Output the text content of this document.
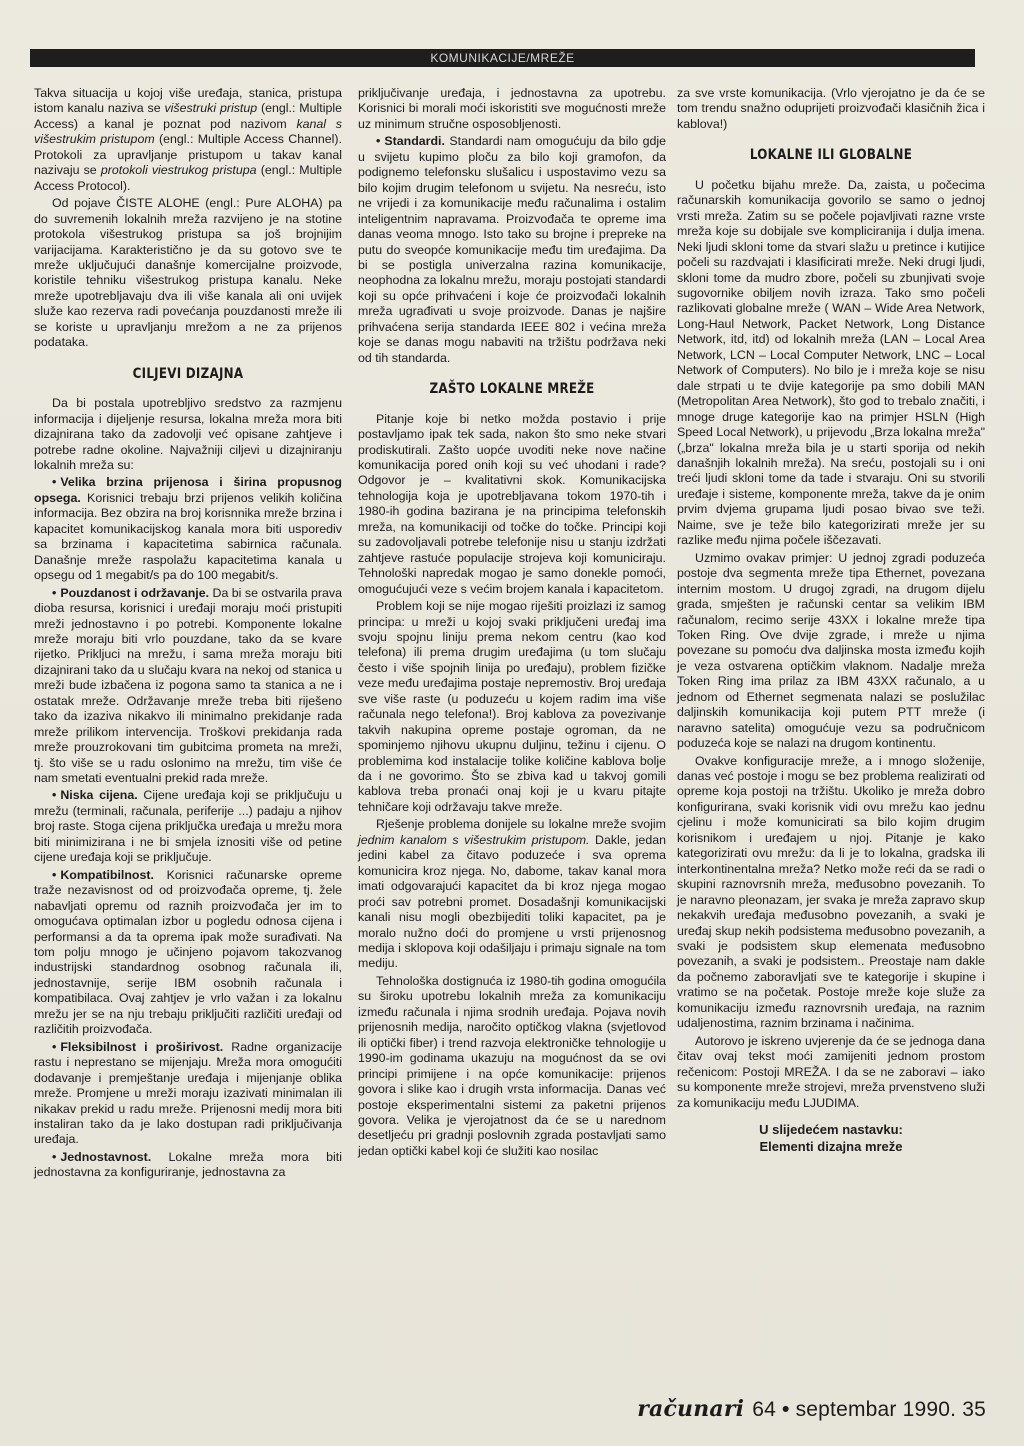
KOMUNIKACIJE/MREŽE

Takva situacija u kojoj više uređaja, stanica, pristupa istom kanalu naziva se višestruki pristup (engl.: Multiple Access) a kanal je poznat pod nazivom kanal s višestrukim pristupom (engl.: Multiple Access Channel). Protokoli za upravljanje pristupom u takav kanal nazivaju se protokoli viestrukog pristupa (engl.: Multiple Access Protocol).

Od pojave ČISTE ALOHE (engl.: Pure ALOHA) pa do suvremenih lokalnih mreža razvijeno je na stotine protokola višestrukog pristupa sa još brojnijim varijacijama. Karakteristično je da su gotovo sve te mreže uključujući današnje komercijalne proizvode, koristile tehniku višestrukog pristupa kanalu. Neke mreže upotrebljavaju dva ili više kanala ali oni uvijek služe kao rezerva radi povećanja pouzdanosti mreže ili se koriste u upravljanju mrežom a ne za prijenos podataka.

CILJEVI DIZAJNA

Da bi postala upotrebljivo sredstvo za razmjenu informacija i dijeljenje resursa, lokalna mreža mora biti dizajnirana tako da zadovolji već opisane zahtjeve i potrebe radne okoline. Najvažniji ciljevi u dizajniranju lokalnih mreža su:

• Velika brzina prijenosa i širina propusnog opsega. Korisnici trebaju brzi prijenos velikih količina informacija. Bez obzira na broj korisnnika mreže brzina i kapacitet komunikacijskog kanala mora biti usporediv sa brzinama i kapacitetima sabirnica računala. Današnje mreže raspolažu kapacitetima kanala u opsegu od 1 megabit/s pa do 100 megabit/s.

• Pouzdanost i održavanje. Da bi se ostvarila prava dioba resursa, korisnici i uređaji moraju moći pristupiti mreži jednostavno i po potrebi. Komponente lokalne mreže moraju biti vrlo pouzdane, tako da se kvare rijetko. Prikljuci na mrežu, i sama mreža moraju biti dizajnirani tako da u slučaju kvara na nekoj od stanica u mreži bude izbačena iz pogona samo ta stanica a ne i ostatak mreže. Održavanje mreže treba biti riješeno tako da izaziva nikakvo ili minimalno prekidanje rada mreže prilikom intervencija. Troškovi prekidanja rada mreže prouzrokovani tim gubitcima prometa na mreži, tj. što više se u radu oslonimo na mrežu, tim više će nam smetati eventualni prekid rada mreže.

• Niska cijena. Cijene uređaja koji se priključuju u mrežu (terminali, računala, periferije ...) padaju a njihov broj raste. Stoga cijena priključka uređaja u mrežu mora biti minimizirana i ne bi smjela iznositi više od petine cijene uređaja koji se priključuje.

• Kompatibilnost. Korisnici računarske opreme traže nezavisnost od od proizvođača opreme, tj. žele nabavljati opremu od raznih proizvođača jer im to omogućava optimalan izbor u pogledu odnosa cijena i performansi a da ta oprema ipak može surađivati. Na tom polju mnogo je učinjeno pojavom takozvanog industrijski standardnog osobnog računala ili, jednostavnije, serije IBM osobnih računala i kompatibilaca. Ovaj zahtjev je vrlo važan i za lokalnu mrežu jer se na nju trebaju priključiti različiti uređaji od različitih proizvođača.

• Fleksibilnost i proširivost. Radne organizacije rastu i neprestano se mijenjaju. Mreža mora omogućiti dodavanje i premještanje uređaja i mijenjanje oblika mreže. Promjene u mreži moraju izazivati minimalan ili nikakav prekid u radu mreže. Prijenosni medij mora biti instaliran tako da je lako dostupan radi priključivanja uređaja.

• Jednostavnost. Lokalne mreža mora biti jednostavna za konfiguriranje, jednostavna za

priključivanje uređaja, i jednostavna za upotrebu. Korisnici bi morali moći iskoristiti sve mogućnosti mreže uz minimum stručne osposobljenosti.

• Standardi. Standardi nam omogućuju da bilo gdje u svijetu kupimo ploču za bilo koji gramofon, da podignemo telefonsku slušalicu i uspostavimo vezu sa bilo kojim drugim telefonom u svijetu. Na nesreću, isto ne vrijedi i za komunikacije među računalima i ostalim inteligentnim napravama. Proizvođača te opreme ima danas veoma mnogo. Isto tako su brojne i prepreke na putu do sveopće komunikacije među tim uređajima. Da bi se postigla univerzalna razina komunikacije, neophodna za lokalnu mrežu, moraju postojati standardi koji su opće prihvaćeni i koje će proizvođači lokalnih mreža ugrađivati u svoje proizvode. Danas je najšire prihvaćena serija standarda IEEE 802 i većina mreža koje se danas mogu nabaviti na tržištu podržava neki od tih standarda.

ZAŠTO LOKALNE MREŽE

Pitanje koje bi netko možda postavio i prije postavljamo ipak tek sada, nakon što smo neke stvari prodiskutirali. Zašto uopće uvoditi neke nove načine komunikacija pored onih koji su već uhodani i rade? Odgovor je – kvalitativni skok. Komunikacijska tehnologija koja je upotrebljavana tokom 1970-tih i 1980-ih godina bazirana je na principima telefonskih mreža, na komunikaciji od točke do točke. Principi koji su zadovoljavali potrebe telefonije nisu u stanju izdržati zahtjeve rastuće populacije strojeva koji komuniciraju. Tehnološki napredak mogao je samo donekle pomoći, omogućujući veze s većim brojem kanala i kapacitetom.

Problem koji se nije mogao riješiti proizlazi iz samog principa: u mreži u kojoj svaki priključeni uređaj ima svoju spojnu liniju prema nekom centru (kao kod telefona) ili prema drugim uređajima (u tom slučaju često i više spojnih linija po uređaju), problem fizičke veze među uređajima postaje nepremostiv. Broj uređaja sve više raste (u poduzeću u kojem radim ima više računala nego telefona!). Broj kablova za povezivanje takvih nakupina opreme postaje ogroman, da ne spominjemo njihovu ukupnu duljinu, težinu i cijenu. O problemima kod instalacije tolike količine kablova bolje da i ne govorimo. Što se zbiva kad u takvoj gomili kablova treba pronaći onaj koji je u kvaru pitajte tehničare koji održavaju takve mreže.

Rješenje problema donijele su lokalne mreže svojim jednim kanalom s višestrukim pristupom. Dakle, jedan jedini kabel za čitavo poduzeće i sva oprema komunicira kroz njega. No, dabome, takav kanal mora imati odgovarajući kapacitet da bi kroz njega mogao proći sav potrebni promet. Dosadašnji komunikacijski kanali nisu mogli obezbijediti toliki kapacitet, pa je moralo nužno doći do promjene u vrsti prijenosnog medija i sklopova koji odašiljaju i primaju signale na tom mediju.

Tehnološka dostignuća iz 1980-tih godina omogućila su široku upotrebu lokalnih mreža za komunikaciju između računala i njima srodnih uređaja. Pojava novih prijenosnih medija, naročito optičkog vlakna (svjetlovod ili optički fiber) i trend razvoja elektroničke tehnologije u 1990-im godinama ukazuju na mogućnost da se ovi principi primijene i na opće komunikacije: prijenos govora i slike kao i drugih vrsta informacija. Danas već postoje eksperimentalni sistemi za paketni prijenos govora. Velika je vjerojatnost da će se u narednom desetljeću pri gradnji poslovnih zgrada postavljati samo jedan optički kabel koji će služiti kao nosilac

za sve vrste komunikacija. (Vrlo vjerojatno je da će se tom trendu snažno oduprijeti proizvođači klasičnih žica i kablova!)

LOKALNE ILI GLOBALNE

U početku bijahu mreže. Da, zaista, u počecima računarskih komunikacija govorilo se samo o jednoj vrsti mreža. Zatim su se počele pojavljivati razne vrste mreža koje su dobijale sve kompliciranija i dulja imena. Neki ljudi skloni tome da stvari slažu u pretince i kutijice počeli su razdvajati i klasificirati mreže. Neki drugi ljudi, skloni tome da mudro zbore, počeli su zbunjivati svoje sugovornike obiljem novih izraza. Tako smo počeli razlikovati globalne mreže ( WAN – Wide Area Network, Long-Haul Network, Packet Network, Long Distance Network, itd, itd) od lokalnih mreža (LAN – Local Area Network, LCN – Local Computer Network, LNC – Local Network of Computers). No bilo je i mreža koje se nisu dale strpati u te dvije kategorije pa smo dobili MAN (Metropolitan Area Network), što god to trebalo značiti, i mnoge druge kategorije kao na primjer HSLN (High Speed Local Network), u prijevodu „Brza lokalna mreža" („brza" lokalna mreža bila je u starti sporija od nekih današnjih lokalnih mreža). Na sreću, postojali su i oni treći ljudi skloni tome da tade i stvaraju. Oni su stvorili uređaje i sisteme, komponente mreža, takve da je onim prvim dvjema grupama ljudi posao bivao sve teži. Naime, sve je teže bilo kategorizirati mreže jer su razlike među njima počele iščezavati.

Uzmimo ovakav primjer: U jednoj zgradi poduzeća postoje dva segmenta mreže tipa Ethernet, povezana internim mostom. U drugoj zgradi, na drugom dijelu grada, smješten je računski centar sa velikim IBM računalom, recimo serije 43XX i lokalne mreže tipa Token Ring. Ove dvije zgrade, i mreže u njima povezane su pomoću dva daljinska mosta između kojih je veza ostvarena optičkim vlaknom. Nadalje mreža Token Ring ima prilaz za IBM 43XX računalo, a u jednom od Ethernet segmenata nalazi se poslužilac daljinskih komunikacija koji putem PTT mreže (i naravno satelita) omogućuje vezu sa područnicom poduzeća koje se nalazi na drugom kontinentu.

Ovakve konfiguracije mreže, a i mnogo složenije, danas već postoje i mogu se bez problema realizirati od opreme koja postoji na tržištu. Ukoliko je mreža dobro konfigurirana, svaki korisnik vidi ovu mrežu kao jednu cjelinu i može komunicirati sa bilo kojim drugim korisnikom i uređajem u njoj. Pitanje je kako kategorizirati ovu mrežu: da li je to lokalna, gradska ili interkontinentalna mreža? Netko može reći da se radi o skupini raznovrsnih mreža, međusobno povezanih. To je naravno pleonazam, jer svaka je mreža zapravo skup nekakvih uređaja međusobno povezanih, a svaki je uređaj skup nekih podsistema međusobno povezanih, a svaki je podsistem skup elemenata međusobno povezanih, a svaki je podsistem.. Preostaje nam dakle da počnemo zaboravljati sve te kategorije i skupine i vratimo se na početak. Postoje mreže koje služe za komunikaciju između raznovrsnih uređaja, na raznim udaljenostima, raznim brzinama i načinima.

Autorovo je iskreno uvjerenje da će se jednoga dana čitav ovaj tekst moći zamijeniti jednom prostom rečenicom: Postoji MREŽA. I da se ne zaboravi – iako su komponente mreže strojevi, mreža prvenstveno služi za komunikaciju među LJUDIMA.

U slijedećem nastavku:
Elementi dizajna mreže
računari 64 • septembar 1990. 35
